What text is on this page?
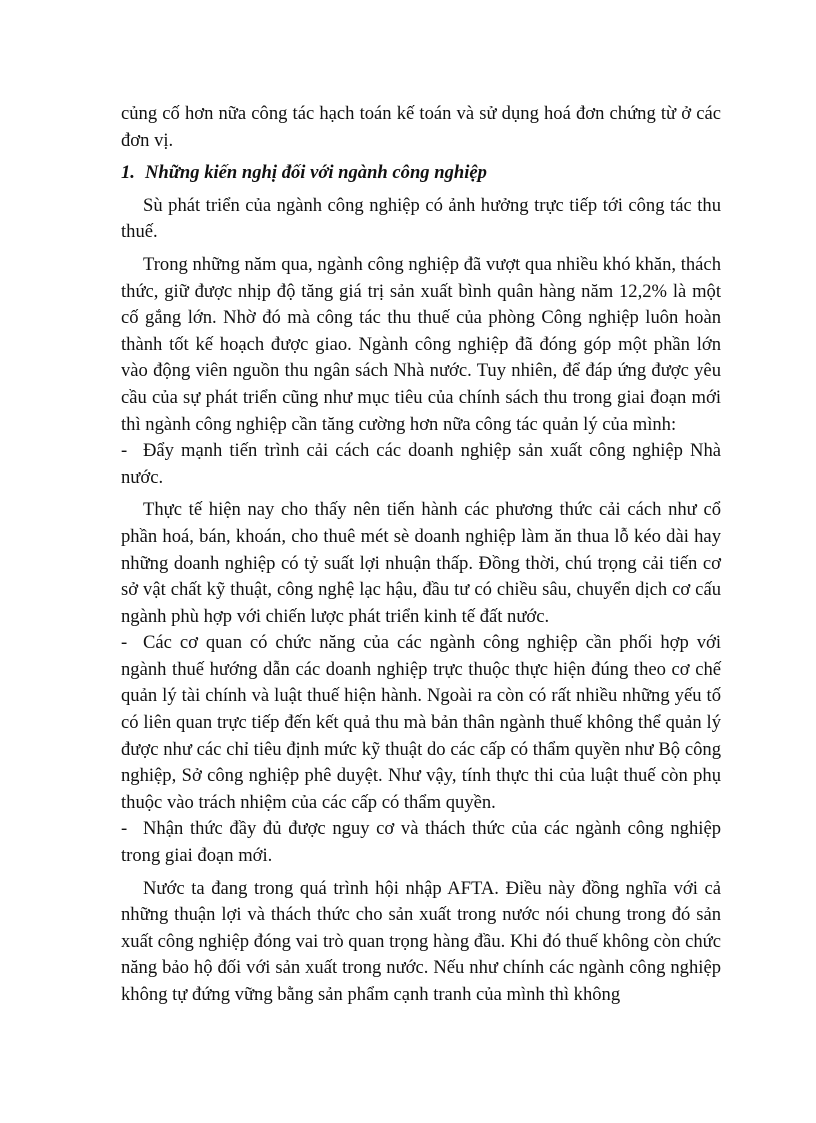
củng cố hơn nữa công tác hạch toán kế toán và sử dụng hoá đơn chứng từ ở các đơn vị.

1. Những kiến nghị đối với ngành công nghiệp

Sù phát triển của ngành công nghiệp có ảnh hưởng trực tiếp tới công tác thu thuế.

Trong những năm qua, ngành công nghiệp đã vượt qua nhiều khó khăn, thách thức, giữ được nhịp độ tăng giá trị sản xuất bình quân hàng năm 12,2% là một cố gắng lớn. Nhờ đó mà công tác thu thuế của phòng Công nghiệp luôn hoàn thành tốt kế hoạch được giao. Ngành công nghiệp đã đóng góp một phần lớn vào động viên nguồn thu ngân sách Nhà nước. Tuy nhiên, để đáp ứng được yêu cầu của sự phát triển cũng như mục tiêu của chính sách thu trong giai đoạn mới thì ngành công nghiệp cần tăng cường hơn nữa công tác quản lý của mình:

- Đẩy mạnh tiến trình cải cách các doanh nghiệp sản xuất công nghiệp Nhà nước.

Thực tế hiện nay cho thấy nên tiến hành các phương thức cải cách như cổ phần hoá, bán, khoán, cho thuê mét sè doanh nghiệp làm ăn thua lỗ kéo dài hay những doanh nghiệp có tỷ suất lợi nhuận thấp. Đồng thời, chú trọng cải tiến cơ sở vật chất kỹ thuật, công nghệ lạc hậu, đầu tư có chiều sâu, chuyển dịch cơ cấu ngành phù hợp với chiến lược phát triển kinh tế đất nước.

- Các cơ quan có chức năng của các ngành công nghiệp cần phối hợp với ngành thuế hướng dẫn các doanh nghiệp trực thuộc thực hiện đúng theo cơ chế quản lý tài chính và luật thuế hiện hành. Ngoài ra còn có rất nhiều những yếu tố có liên quan trực tiếp đến kết quả thu mà bản thân ngành thuế không thể quản lý được như các chỉ tiêu định mức kỹ thuật do các cấp có thẩm quyền như Bộ công nghiệp, Sở công nghiệp phê duyệt. Như vậy, tính thực thi của luật thuế còn phụ thuộc vào trách nhiệm của các cấp có thẩm quyền.

- Nhận thức đầy đủ được nguy cơ và thách thức của các ngành công nghiệp trong giai đoạn mới.

Nước ta đang trong quá trình hội nhập AFTA. Điều này đồng nghĩa với cả những thuận lợi và thách thức cho sản xuất trong nước nói chung trong đó sản xuất công nghiệp đóng vai trò quan trọng hàng đầu. Khi đó thuế không còn chức năng bảo hộ đối với sản xuất trong nước. Nếu như chính các ngành công nghiệp không tự đứng vững bằng sản phẩm cạnh tranh của mình thì không
